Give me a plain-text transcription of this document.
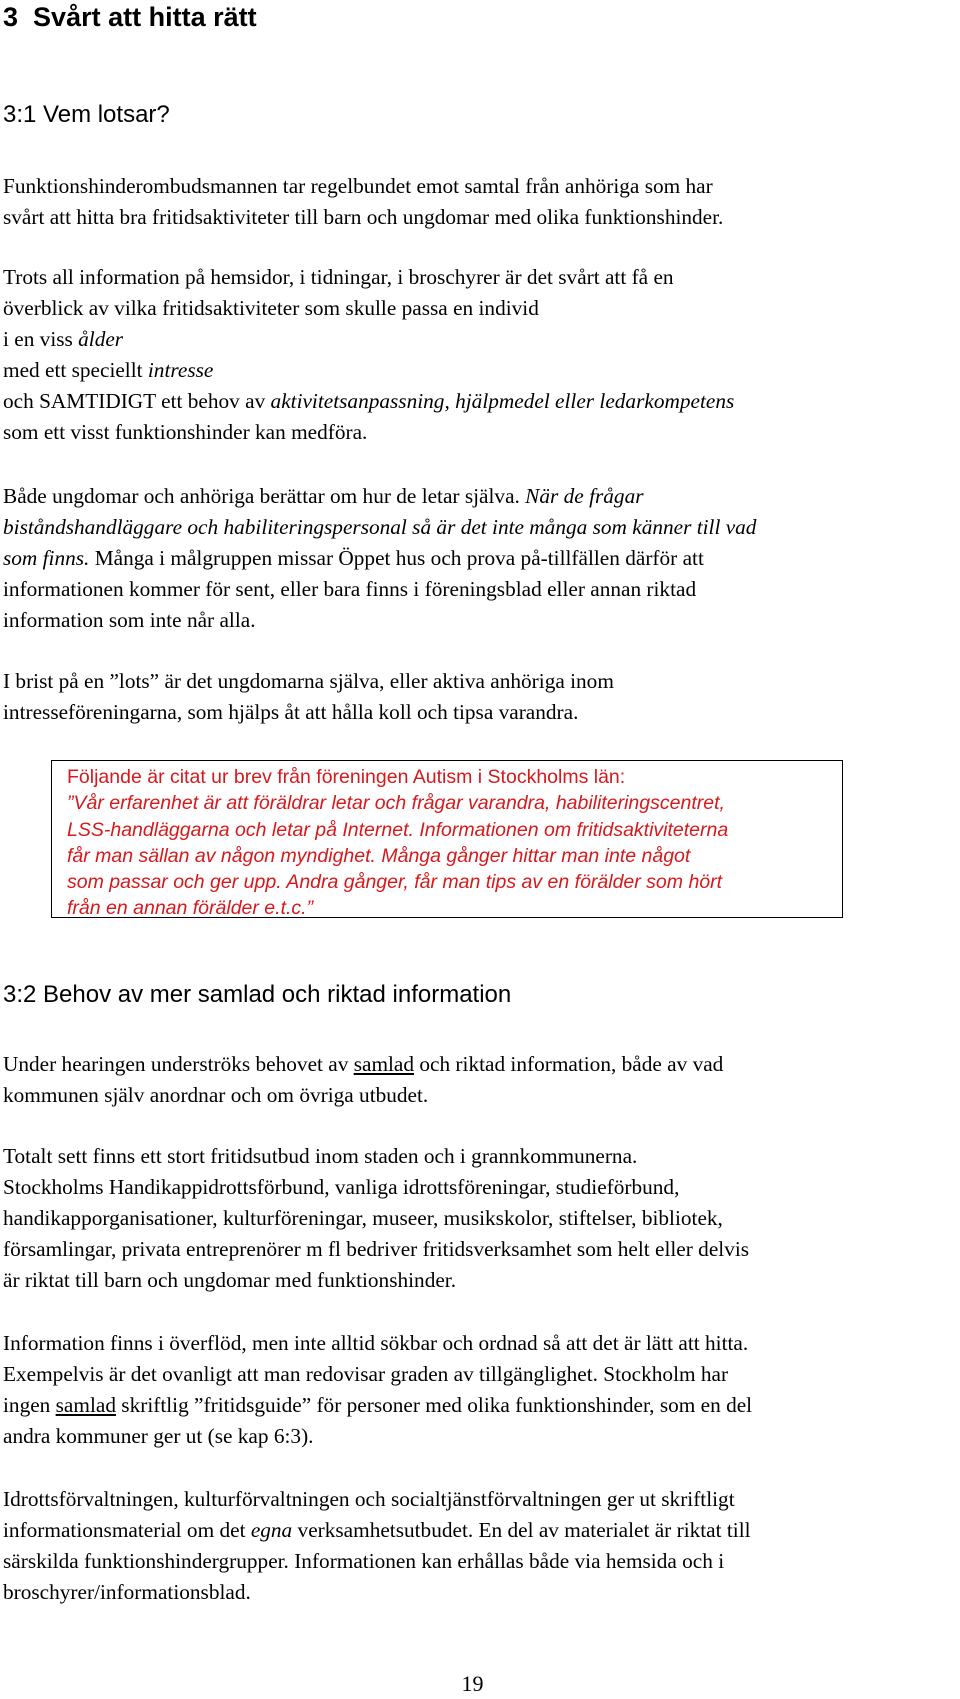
3 Svårt att hitta rätt
3:1 Vem lotsar?

Funktionshinderombudsmannen tar regelbundet emot samtal från anhöriga som har
svårt att hitta bra fritidsaktiviteter till barn och ungdomar med olika funktionshinder.

Trots all information på hemsidor, i tidningar, i broschyrer är det svårt att få en
överblick av vilka fritidsaktiviteter som skulle passa en individ
i en viss ålder
med ett speciellt intresse
och SAMTIDIGT ett behov av aktivitetsanpassning, hjälpmedel eller ledarkompetens
som ett visst funktionshinder kan medföra.

Både ungdomar och anhöriga berättar om hur de letar själva. När de frågar
biståndshandläggare och habiliteringspersonal så är det inte många som känner till vad
som finns. Många i målgruppen missar Öppet hus och prova på-tillfällen därför att
informationen kommer för sent, eller bara finns i föreningsblad eller annan riktad
information som inte når alla.

I brist på en ”lots” är det ungdomarna själva, eller aktiva anhöriga inom
intresseföreningarna, som hjälps åt att hålla koll och tipsa varandra.

Följande är citat ur brev från föreningen Autism i Stockholms län:
”Vår erfarenhet är att föräldrar letar och frågar varandra, habiliteringscentret,
LSS-handläggarna och letar på Internet. Informationen om fritidsaktiviteterna
får man sällan av någon myndighet. Många gånger hittar man inte något
som passar och ger upp. Andra gånger, får man tips av en förälder som hört
från en annan förälder e.t.c.”
3:2 Behov av mer samlad och riktad information

Under hearingen underströks behovet av samlad och riktad information, både av vad
kommunen själv anordnar och om övriga utbudet.

Totalt sett finns ett stort fritidsutbud inom staden och i grannkommunerna.
Stockholms Handikappidrottsförbund, vanliga idrottsföreningar, studieförbund,
handikapporganisationer, kulturföreningar, museer, musikskolor, stiftelser, bibliotek,
församlingar, privata entreprenörer m fl bedriver fritidsverksamhet som helt eller delvis
är riktat till barn och ungdomar med funktionshinder.

Information finns i överflöd, men inte alltid sökbar och ordnad så att det är lätt att hitta.
Exempelvis är det ovanligt att man redovisar graden av tillgänglighet. Stockholm har
ingen samlad skriftlig ”fritidsguide” för personer med olika funktionshinder, som en del
andra kommuner ger ut (se kap 6:3).

Idrottsförvaltningen, kulturförvaltningen och socialtjänstförvaltningen ger ut skriftligt
informationsmaterial om det egna verksamhetsutbudet. En del av materialet är riktat till
särskilda funktionshindergrupper. Informationen kan erhållas både via hemsida och i
broschyrer/informationsblad.

19
